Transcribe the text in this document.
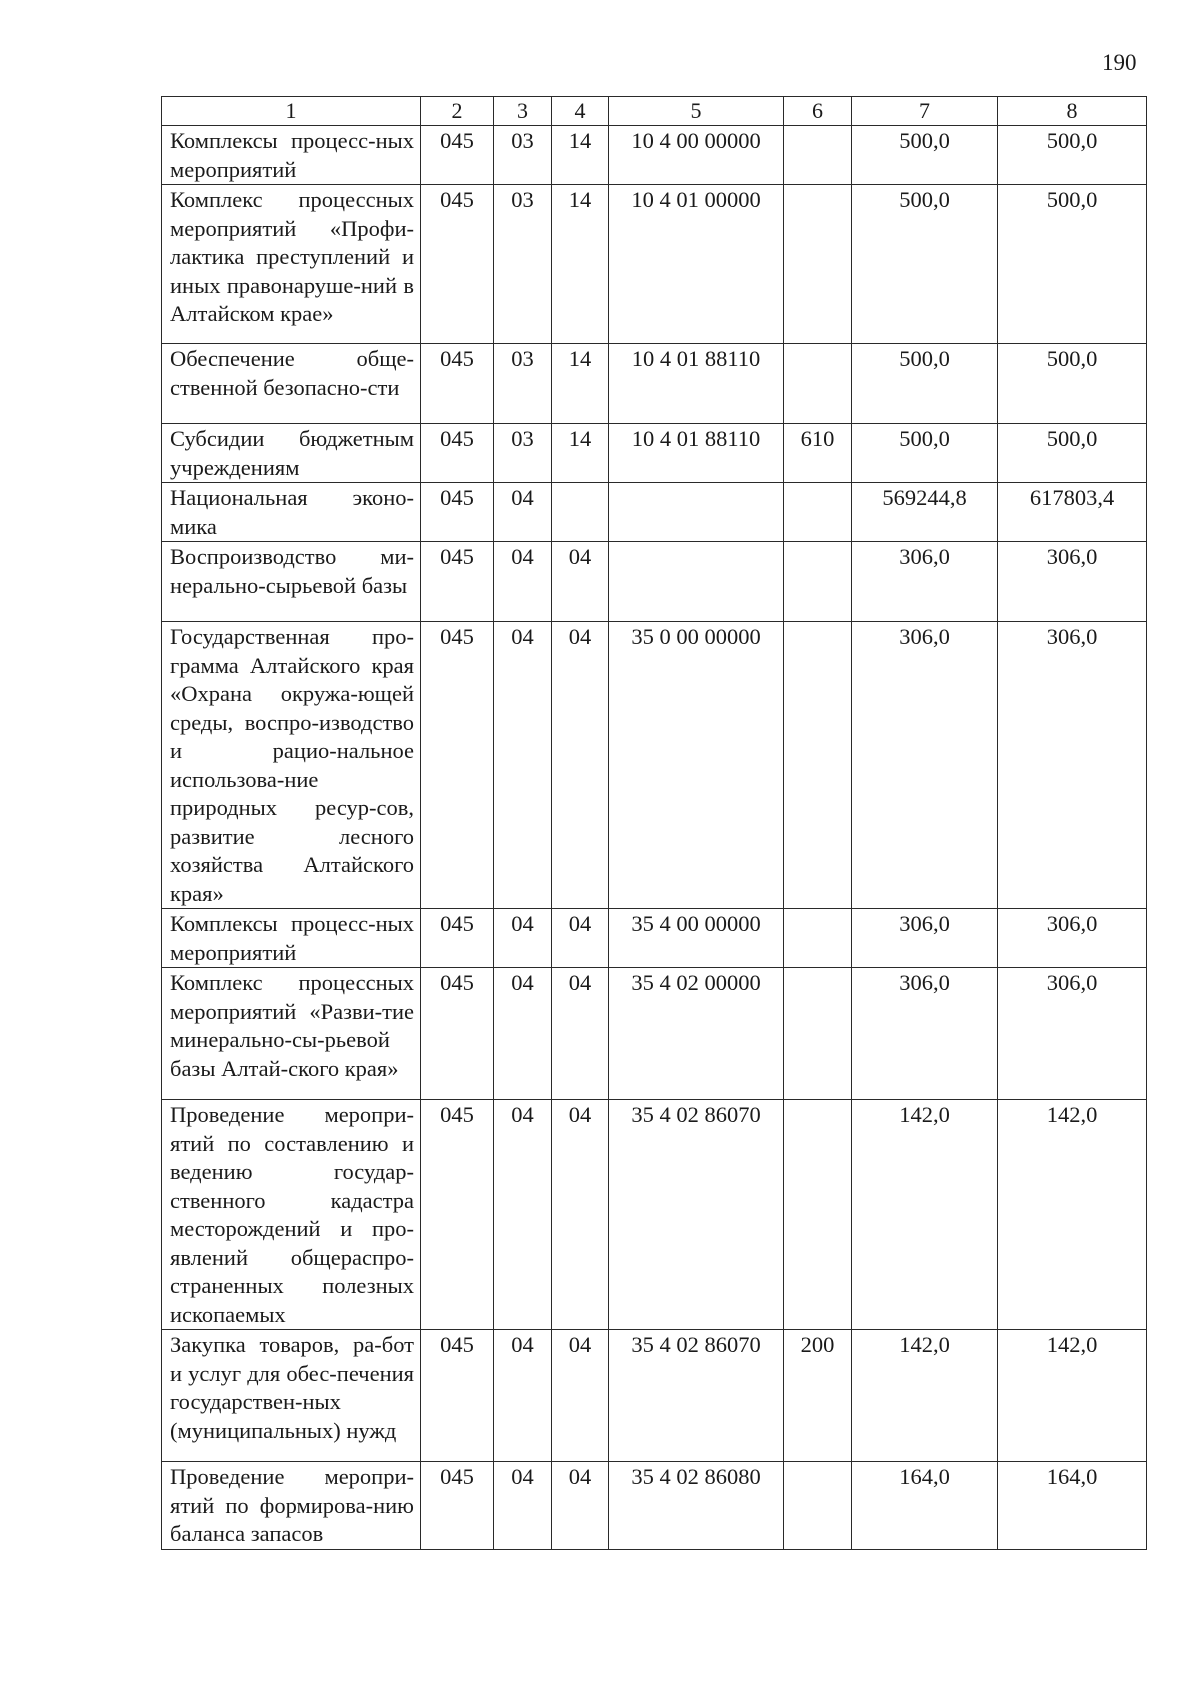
190
1	2	3	4	5	6	7	8
Комплексы процесс-ных мероприятий	045	03	14	10 4 00 00000		500,0	500,0
Комплекс процессных мероприятий «Профи-лактика преступлений и иных правонаруше-ний в Алтайском крае»	045	03	14	10 4 01 00000		500,0	500,0
Обеспечение обще-ственной безопасно-сти	045	03	14	10 4 01 88110		500,0	500,0
Субсидии бюджетным учреждениям	045	03	14	10 4 01 88110	610	500,0	500,0
Национальная эконо-мика	045	04				569244,8	617803,4
Воспроизводство ми-нерально-сырьевой базы	045	04	04			306,0	306,0
Государственная про-грамма Алтайского края «Охрана окружа-ющей среды, воспро-изводство и рацио-нальное использова-ние природных ресур-сов, развитие лесного хозяйства Алтайского края»	045	04	04	35 0 00 00000		306,0	306,0
Комплексы процесс-ных мероприятий	045	04	04	35 4 00 00000		306,0	306,0
Комплекс процессных мероприятий «Разви-тие минерально-сы-рьевой базы Алтай-ского края»	045	04	04	35 4 02 00000		306,0	306,0
Проведение меропри-ятий по составлению и ведению государ-ственного кадастра месторождений и про-явлений общераспро-страненных полезных ископаемых	045	04	04	35 4 02 86070		142,0	142,0
Закупка товаров, ра-бот и услуг для обес-печения государствен-ных (муниципальных) нужд	045	04	04	35 4 02 86070	200	142,0	142,0
Проведение меропри-ятий по формирова-нию баланса запасов	045	04	04	35 4 02 86080		164,0	164,0
